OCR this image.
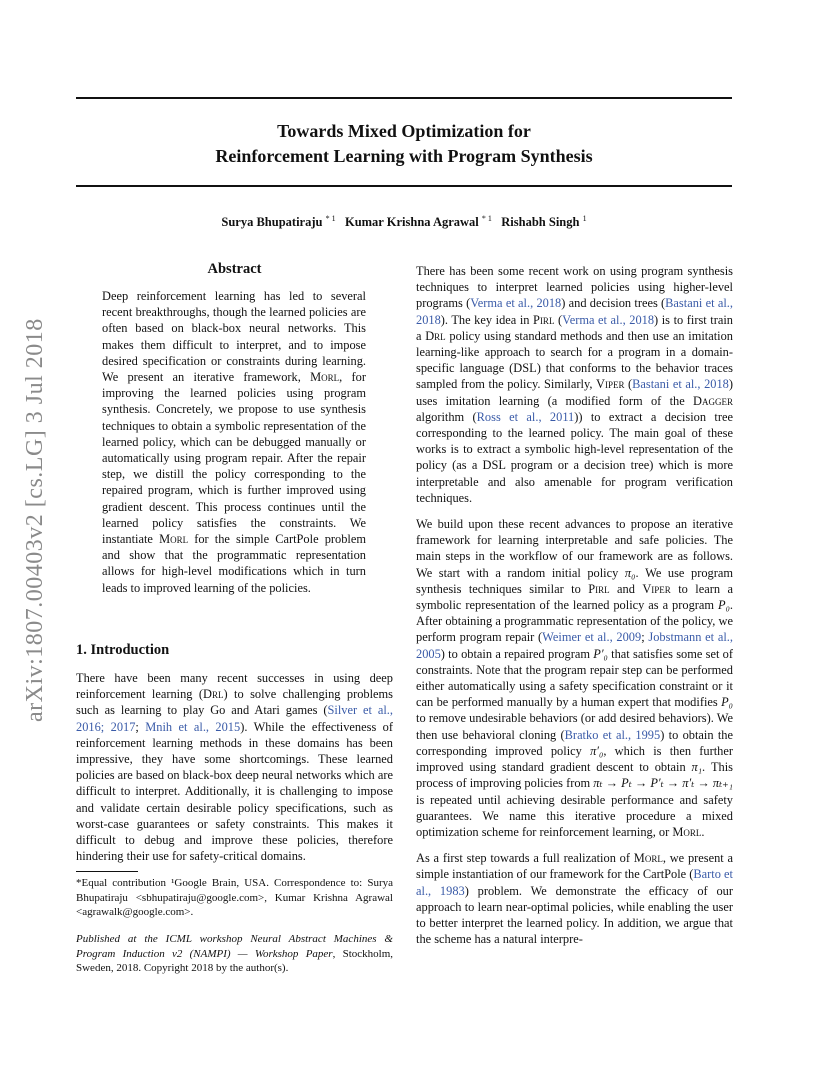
Towards Mixed Optimization for
Reinforcement Learning with Program Synthesis
Surya Bhupatiraju $^{* 1}$ Kumar Krishna Agrawal $^{* 1}$ Rishabh Singh $^1$
arXiv:1807.00403v2 [cs.LG] 3 Jul 2018
Abstract

Deep reinforcement learning has led to several recent breakthroughs, though the learned policies are often based on black-box neural networks. This makes them difficult to interpret, and to impose desired specification or constraints during learning. We present an iterative framework, Morl, for improving the learned policies using program synthesis. Concretely, we propose to use synthesis techniques to obtain a symbolic representation of the learned policy, which can be debugged manually or automatically using program repair. After the repair step, we distill the policy corresponding to the repaired program, which is further improved using gradient descent. This process continues until the learned policy satisfies the constraints. We instantiate Morl for the simple CartPole problem and show that the programmatic representation allows for high-level modifications which in turn leads to improved learning of the policies.

1. Introduction

There have been many recent successes in using deep reinforcement learning (Drl) to solve challenging problems such as learning to play Go and Atari games (Silver et al., 2016; 2017; Mnih et al., 2015). While the effectiveness of reinforcement learning methods in these domains has been impressive, they have some shortcomings. These learned policies are based on black-box deep neural networks which are difficult to interpret. Additionally, it is challenging to impose and validate certain desirable policy specifications, such as worst-case guarantees or safety constraints. This makes it difficult to debug and improve these policies, therefore hindering their use for safety-critical domains.

*Equal contribution ¹Google Brain, USA. Correspondence to: Surya Bhupatiraju <sbhupatiraju@google.com>, Kumar Krishna Agrawal <agrawalk@google.com>.
Published at the ICML workshop Neural Abstract Machines & Program Induction v2 (NAMPI) — Workshop Paper, Stockholm, Sweden, 2018. Copyright 2018 by the author(s).

There has been some recent work on using program synthesis techniques to interpret learned policies using higher-level programs (Verma et al., 2018) and decision trees (Bastani et al., 2018). The key idea in Pirl (Verma et al., 2018) is to first train a Drl policy using standard methods and then use an imitation learning-like approach to search for a program in a domain-specific language (DSL) that conforms to the behavior traces sampled from the policy. Similarly, Viper (Bastani et al., 2018) uses imitation learning (a modified form of the Dagger algorithm (Ross et al., 2011)) to extract a decision tree corresponding to the learned policy. The main goal of these works is to extract a symbolic high-level representation of the policy (as a DSL program or a decision tree) which is more interpretable and also amenable for program verification techniques.

We build upon these recent advances to propose an iterative framework for learning interpretable and safe policies. The main steps in the workflow of our framework are as follows. We start with a random initial policy π₀. We use program synthesis techniques similar to Pirl and Viper to learn a symbolic representation of the learned policy as a program P₀. After obtaining a programmatic representation of the policy, we perform program repair (Weimer et al., 2009; Jobstmann et al., 2005) to obtain a repaired program P′₀ that satisfies some set of constraints. Note that the program repair step can be performed either automatically using a safety specification constraint or it can be performed manually by a human expert that modifies P₀ to remove undesirable behaviors (or add desired behaviors). We then use behavioral cloning (Bratko et al., 1995) to obtain the corresponding improved policy π′₀, which is then further improved using standard gradient descent to obtain π₁. This process of improving policies from πₜ → Pₜ → P′ₜ → π′ₜ → πₜ₊₁ is repeated until achieving desirable performance and safety guarantees. We name this iterative procedure a mixed optimization scheme for reinforcement learning, or Morl.

As a first step towards a full realization of Morl, we present a simple instantiation of our framework for the CartPole (Barto et al., 1983) problem. We demonstrate the efficacy of our approach to learn near-optimal policies, while enabling the user to better interpret the learned policy. In addition, we argue that the scheme has a natural interpre-
